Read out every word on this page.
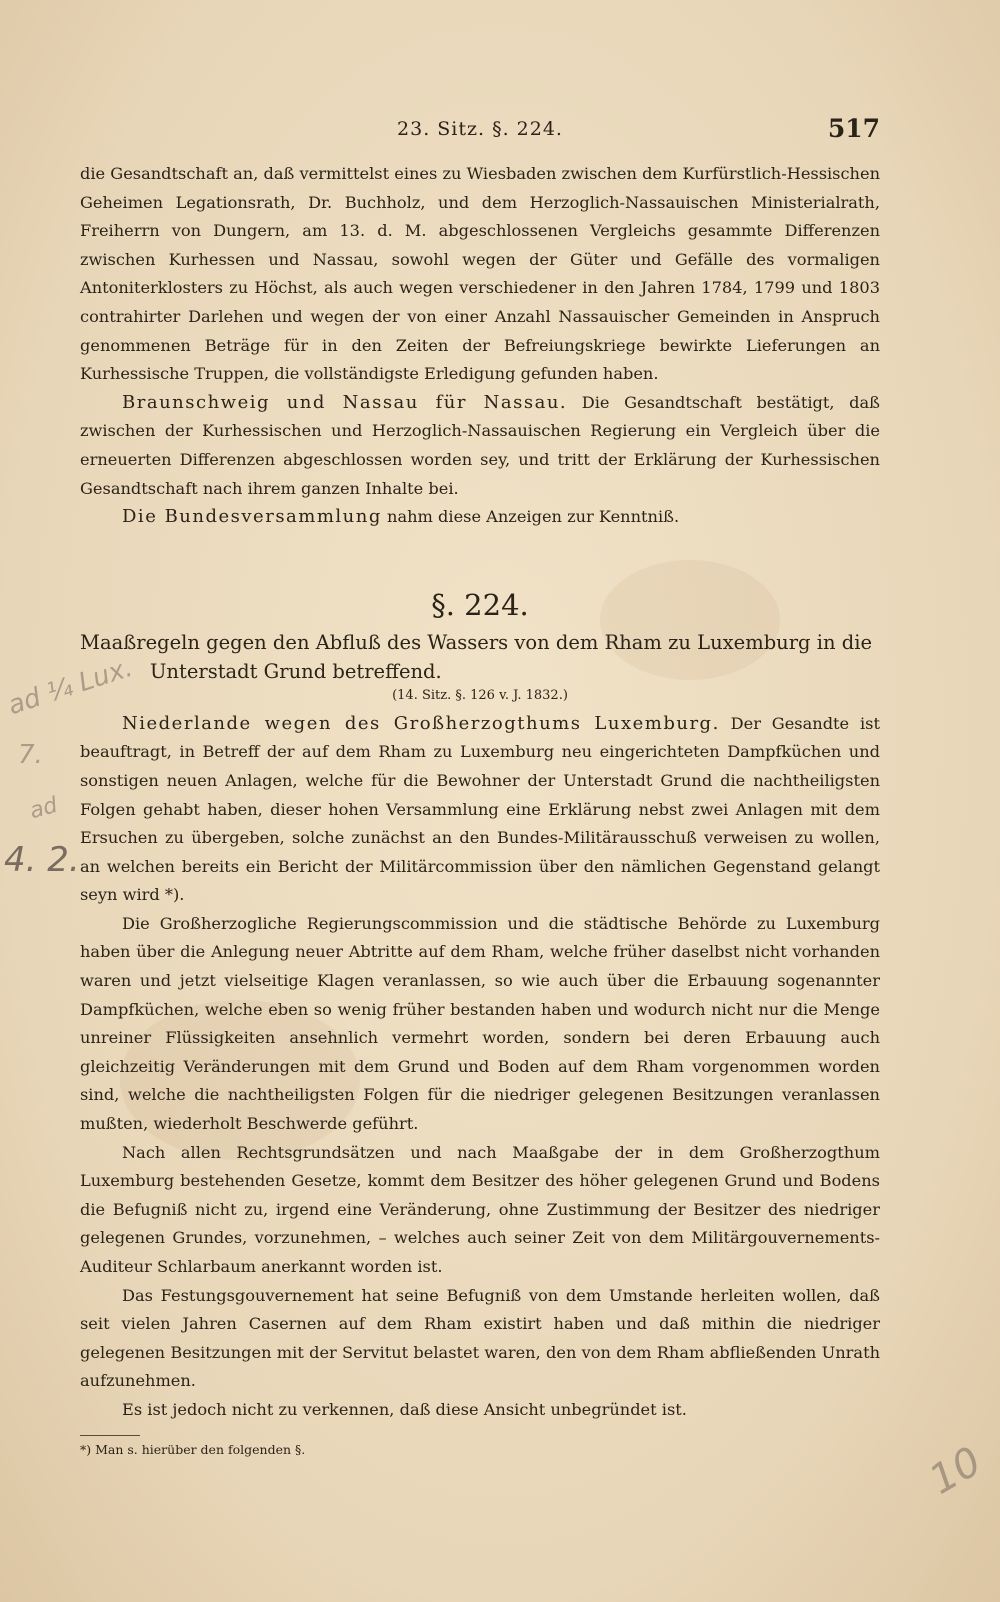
23. Sitz. §. 224.	517

die Gesandtschaft an, daß vermittelst eines zu Wiesbaden zwischen dem Kurfürstlich-Hessischen Geheimen Legationsrath, Dr. Buchholz, und dem Herzoglich-Nassauischen Ministerialrath, Freiherrn von Dungern, am 13. d. M. abgeschlossenen Vergleichs gesammte Differenzen zwischen Kurhessen und Nassau, sowohl wegen der Güter und Gefälle des vormaligen Antoniterklosters zu Höchst, als auch wegen verschiedener in den Jahren 1784, 1799 und 1803 contrahirter Darlehen und wegen der von einer Anzahl Nassauischer Gemeinden in Anspruch genommenen Beträge für in den Zeiten der Befreiungskriege bewirkte Lieferungen an Kurhessische Truppen, die vollständigste Erledigung gefunden haben.

Braunschweig und Nassau für Nassau. Die Gesandtschaft bestätigt, daß zwischen der Kurhessischen und Herzoglich-Nassauischen Regierung ein Vergleich über die erneuerten Differenzen abgeschlossen worden sey, und tritt der Erklärung der Kurhessischen Gesandtschaft nach ihrem ganzen Inhalte bei.

Die Bundesversammlung nahm diese Anzeigen zur Kenntniß.

§. 224.
Maaßregeln gegen den Abfluß des Wassers von dem Rham zu Luxemburg in die
Unterstadt Grund betreffend.
(14. Sitz. §. 126 v. J. 1832.)

Niederlande wegen des Großherzogthums Luxemburg. Der Gesandte ist beauftragt, in Betreff der auf dem Rham zu Luxemburg neu eingerichteten Dampfküchen und sonstigen neuen Anlagen, welche für die Bewohner der Unterstadt Grund die nachtheiligsten Folgen gehabt haben, dieser hohen Versammlung eine Erklärung nebst zwei Anlagen mit dem Ersuchen zu übergeben, solche zunächst an den Bundes-Militärausschuß verweisen zu wollen, an welchen bereits ein Bericht der Militärcommission über den nämlichen Gegenstand gelangt seyn wird *).

Die Großherzogliche Regierungscommission und die städtische Behörde zu Luxemburg haben über die Anlegung neuer Abtritte auf dem Rham, welche früher daselbst nicht vorhanden waren und jetzt vielseitige Klagen veranlassen, so wie auch über die Erbauung sogenannter Dampfküchen, welche eben so wenig früher bestanden haben und wodurch nicht nur die Menge unreiner Flüssigkeiten ansehnlich vermehrt worden, sondern bei deren Erbauung auch gleichzeitig Veränderungen mit dem Grund und Boden auf dem Rham vorgenommen worden sind, welche die nachtheiligsten Folgen für die niedriger gelegenen Besitzungen veranlassen mußten, wiederholt Beschwerde geführt.

Nach allen Rechtsgrundsätzen und nach Maaßgabe der in dem Großherzogthum Luxemburg bestehenden Gesetze, kommt dem Besitzer des höher gelegenen Grund und Bodens die Befugniß nicht zu, irgend eine Veränderung, ohne Zustimmung der Besitzer des niedriger gelegenen Grundes, vorzunehmen, – welches auch seiner Zeit von dem Militärgouvernements-Auditeur Schlarbaum anerkannt worden ist.

Das Festungsgouvernement hat seine Befugniß von dem Umstande herleiten wollen, daß seit vielen Jahren Casernen auf dem Rham existirt haben und daß mithin die niedriger gelegenen Besitzungen mit der Servitut belastet waren, den von dem Rham abfließenden Unrath aufzunehmen.

Es ist jedoch nicht zu verkennen, daß diese Ansicht unbegründet ist.

*) Man s. hierüber den folgenden §.
ad ¼ Lux.
7.
ad
4. 2.
10
